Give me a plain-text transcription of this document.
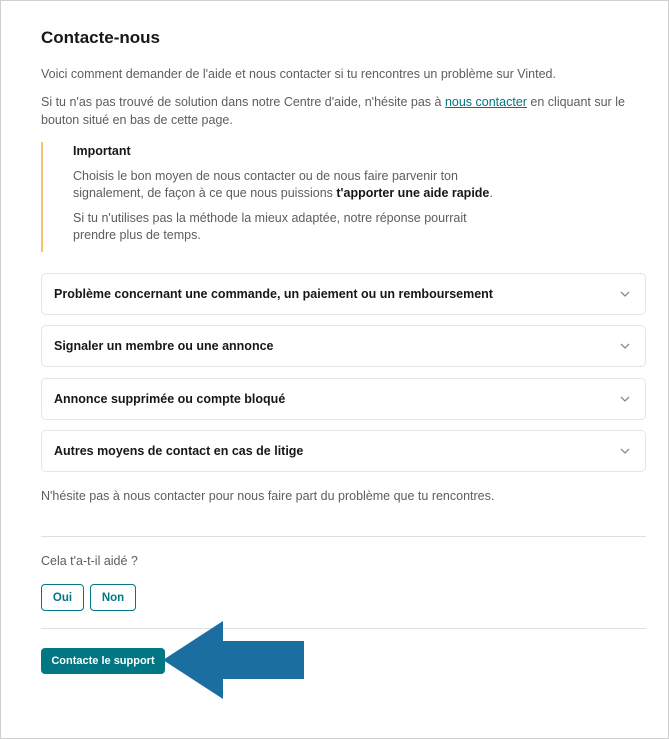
Contacte-nous

Voici comment demander de l'aide et nous contacter si tu rencontres un problème sur Vinted.

Si tu n'as pas trouvé de solution dans notre Centre d'aide, n'hésite pas à nous contacter en cliquant sur le bouton situé en bas de cette page.

Important

Choisis le bon moyen de nous contacter ou de nous faire parvenir ton signalement, de façon à ce que nous puissions t'apporter une aide rapide.

Si tu n'utilises pas la méthode la mieux adaptée, notre réponse pourrait prendre plus de temps.

Problème concernant une commande, un paiement ou un remboursement
Signaler un membre ou une annonce
Annonce supprimée ou compte bloqué
Autres moyens de contact en cas de litige

N'hésite pas à nous contacter pour nous faire part du problème que tu rencontres.

Cela t'a-t-il aidé ?

Oui	Non
Contacte le support
